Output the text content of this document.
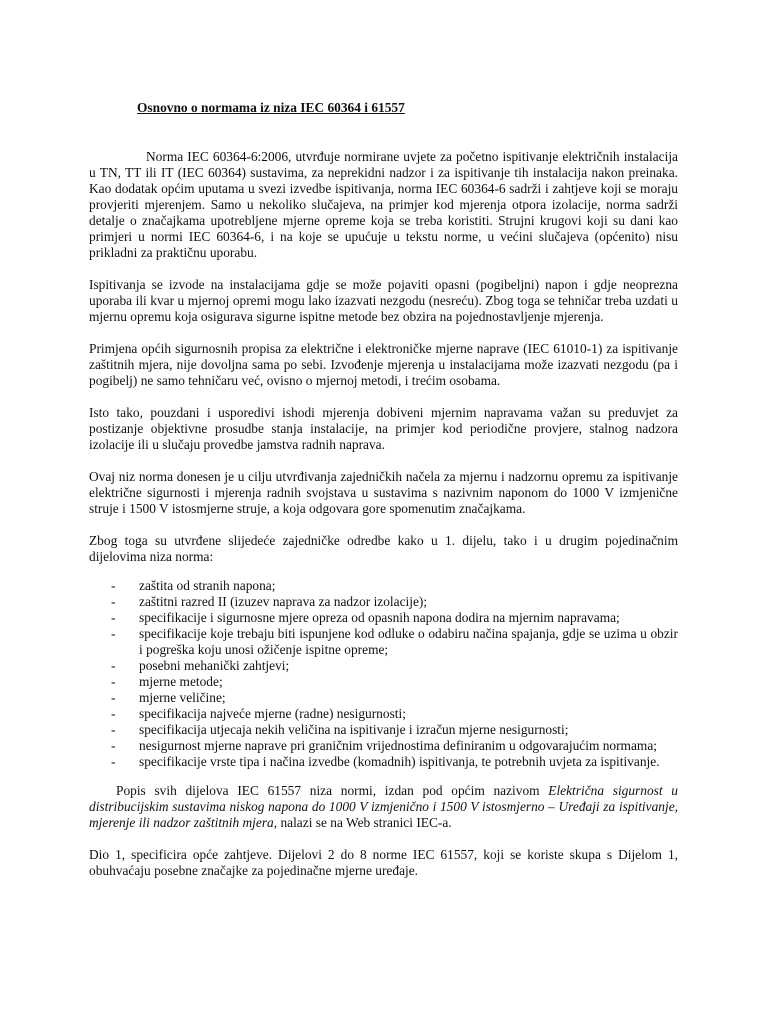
Osnovno o normama iz niza IEC 60364 i 61557

Norma IEC 60364-6:2006, utvrđuje normirane uvjete za početno ispitivanje električnih instalacija u TN, TT ili IT (IEC 60364) sustavima, za neprekidni nadzor i za ispitivanje tih instalacija nakon preinaka. Kao dodatak općim uputama u svezi izvedbe ispitivanja, norma IEC 60364-6 sadrži i zahtjeve koji se moraju provjeriti mjerenjem. Samo u nekoliko slučajeva, na primjer kod mjerenja otpora izolacije, norma sadrži detalje o značajkama upotrebljene mjerne opreme koja se treba koristiti. Strujni krugovi koji su dani kao primjeri u normi IEC 60364-6, i na koje se upućuje u tekstu norme, u većini slučajeva (općenito) nisu prikladni za praktičnu uporabu.

Ispitivanja se izvode na instalacijama gdje se može pojaviti opasni (pogibeljni) napon i gdje neoprezna uporaba ili kvar u mjernoj opremi mogu lako izazvati nezgodu (nesreću). Zbog toga se tehničar treba uzdati u mjernu opremu koja osigurava sigurne ispitne metode bez obzira na pojednostavljenje mjerenja.

Primjena općih sigurnosnih propisa za električne i elektroničke mjerne naprave (IEC 61010-1) za ispitivanje zaštitnih mjera, nije dovoljna sama po sebi. Izvođenje mjerenja u instalacijama može izazvati nezgodu (pa i pogibelj) ne samo tehničaru već, ovisno o mjernoj metodi, i trećim osobama.

Isto tako, pouzdani i usporedivi ishodi mjerenja dobiveni mjernim napravama važan su preduvjet za postizanje objektivne prosudbe stanja instalacije, na primjer kod periodične provjere, stalnog nadzora izolacije ili u slučaju provedbe jamstva radnih naprava.

Ovaj niz norma donesen je u cilju utvrđivanja zajedničkih načela za mjernu i nadzornu opremu za ispitivanje električne sigurnosti i mjerenja radnih svojstava u sustavima s nazivnim naponom do 1000 V izmjenične struje i 1500 V istosmjerne struje, a koja odgovara gore spomenutim značajkama.

Zbog toga su utvrđene slijedeće zajedničke odredbe kako u 1. dijelu, tako i u drugim pojedinačnim dijelovima niza norma:

- zaštita od stranih napona;
- zaštitni razred II (izuzev naprava za nadzor izolacije);
- specifikacije i sigurnosne mjere opreza od opasnih napona dodira na mjernim napravama;
- specifikacije koje trebaju biti ispunjene kod odluke o odabiru načina spajanja, gdje se uzima u obzir i pogreška koju unosi ožičenje ispitne opreme;
- posebni mehanički zahtjevi;
- mjerne metode;
- mjerne veličine;
- specifikacija najveće mjerne (radne) nesigurnosti;
- specifikacija utjecaja nekih veličina na ispitivanje i izračun mjerne nesigurnosti;
- nesigurnost mjerne naprave pri graničnim vrijednostima definiranim u odgovarajućim normama;
- specifikacije vrste tipa i načina izvedbe (komadnih) ispitivanja, te potrebnih uvjeta za ispitivanje.

Popis svih dijelova IEC 61557 niza normi, izdan pod općim nazivom Električna sigurnost u distribucijskim sustavima niskog napona do 1000 V izmjenično i 1500 V istosmjerno – Uređaji za ispitivanje, mjerenje ili nadzor zaštitnih mjera, nalazi se na Web stranici IEC-a.

Dio 1, specificira opće zahtjeve. Dijelovi 2 do 8 norme IEC 61557, koji se koriste skupa s Dijelom 1, obuhvaćaju posebne značajke za pojedinačne mjerne uređaje.
